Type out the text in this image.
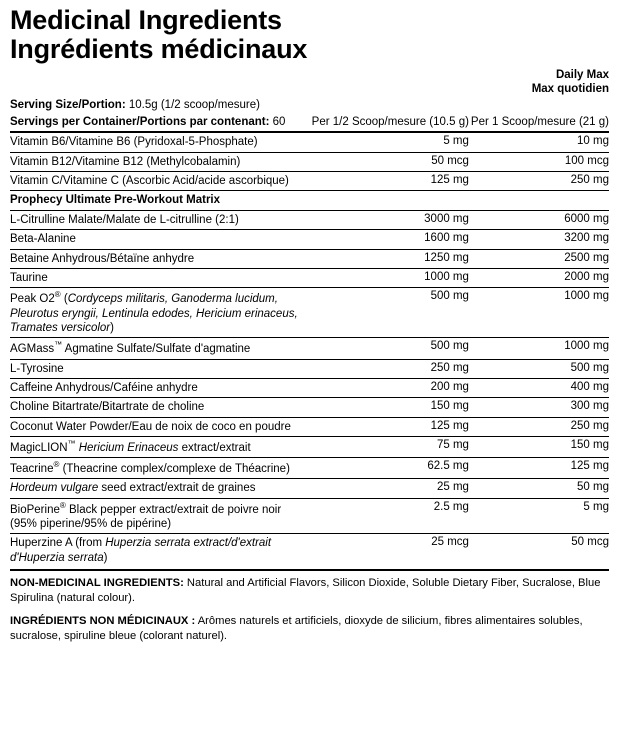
Medicinal Ingredients
Ingrédients médicinaux
Daily Max
Max quotidien
Serving Size/Portion: 10.5g (1/2 scoop/mesure)		
Servings per Container/Portions par contenant: 60	Per 1/2 Scoop/mesure (10.5 g)	Per 1 Scoop/mesure (21 g)

Vitamin B6/Vitamine B6 (Pyridoxal-5-Phosphate)	5 mg	10 mg

Vitamin B12/Vitamine B12 (Methylcobalamin)	50 mcg	100 mcg

Vitamin C/Vitamine C (Ascorbic Acid/acide ascorbique)	125 mg	250 mg

Prophecy Ultimate Pre-Workout Matrix		

L-Citrulline Malate/Malate de L-citrulline (2:1)	3000 mg	6000 mg

Beta-Alanine	1600 mg	3200 mg

Betaine Anhydrous/Bétaïne anhydre	1250 mg	2500 mg

Taurine	1000 mg	2000 mg

Peak O2® (Cordyceps militaris, Ganoderma lucidum, Pleurotus eryngii, Lentinula edodes, Hericium erinaceus, Tramates versicolor)	500 mg	1000 mg

AGMass™ Agmatine Sulfate/Sulfate d'agmatine	500 mg	1000 mg

L-Tyrosine	250 mg	500 mg

Caffeine Anhydrous/Caféine anhydre	200 mg	400 mg

Choline Bitartrate/Bitartrate de choline	150 mg	300 mg

Coconut Water Powder/Eau de noix de coco en poudre	125 mg	250 mg

MagicLION™ Hericium Erinaceus extract/extrait	75 mg	150 mg

Teacrine® (Theacrine complex/complexe de Théacrine)	62.5 mg	125 mg

Hordeum vulgare seed extract/extrait de graines	25 mg	50 mg

BioPerine® Black pepper extract/extrait de poivre noir (95% piperine/95% de pipérine)	2.5 mg	5 mg

Huperzine A (from Huperzia serrata extract/d'extrait d'Huperzia serrata)	25 mcg	50 mcg

NON-MEDICINAL INGREDIENTS: Natural and Artificial Flavors, Silicon Dioxide, Soluble Dietary Fiber, Sucralose, Blue Spirulina (natural colour).

INGRÉDIENTS NON MÉDICINAUX : Arômes naturels et artificiels, dioxyde de silicium, fibres alimentaires solubles, sucralose, spiruline bleue (colorant naturel).
